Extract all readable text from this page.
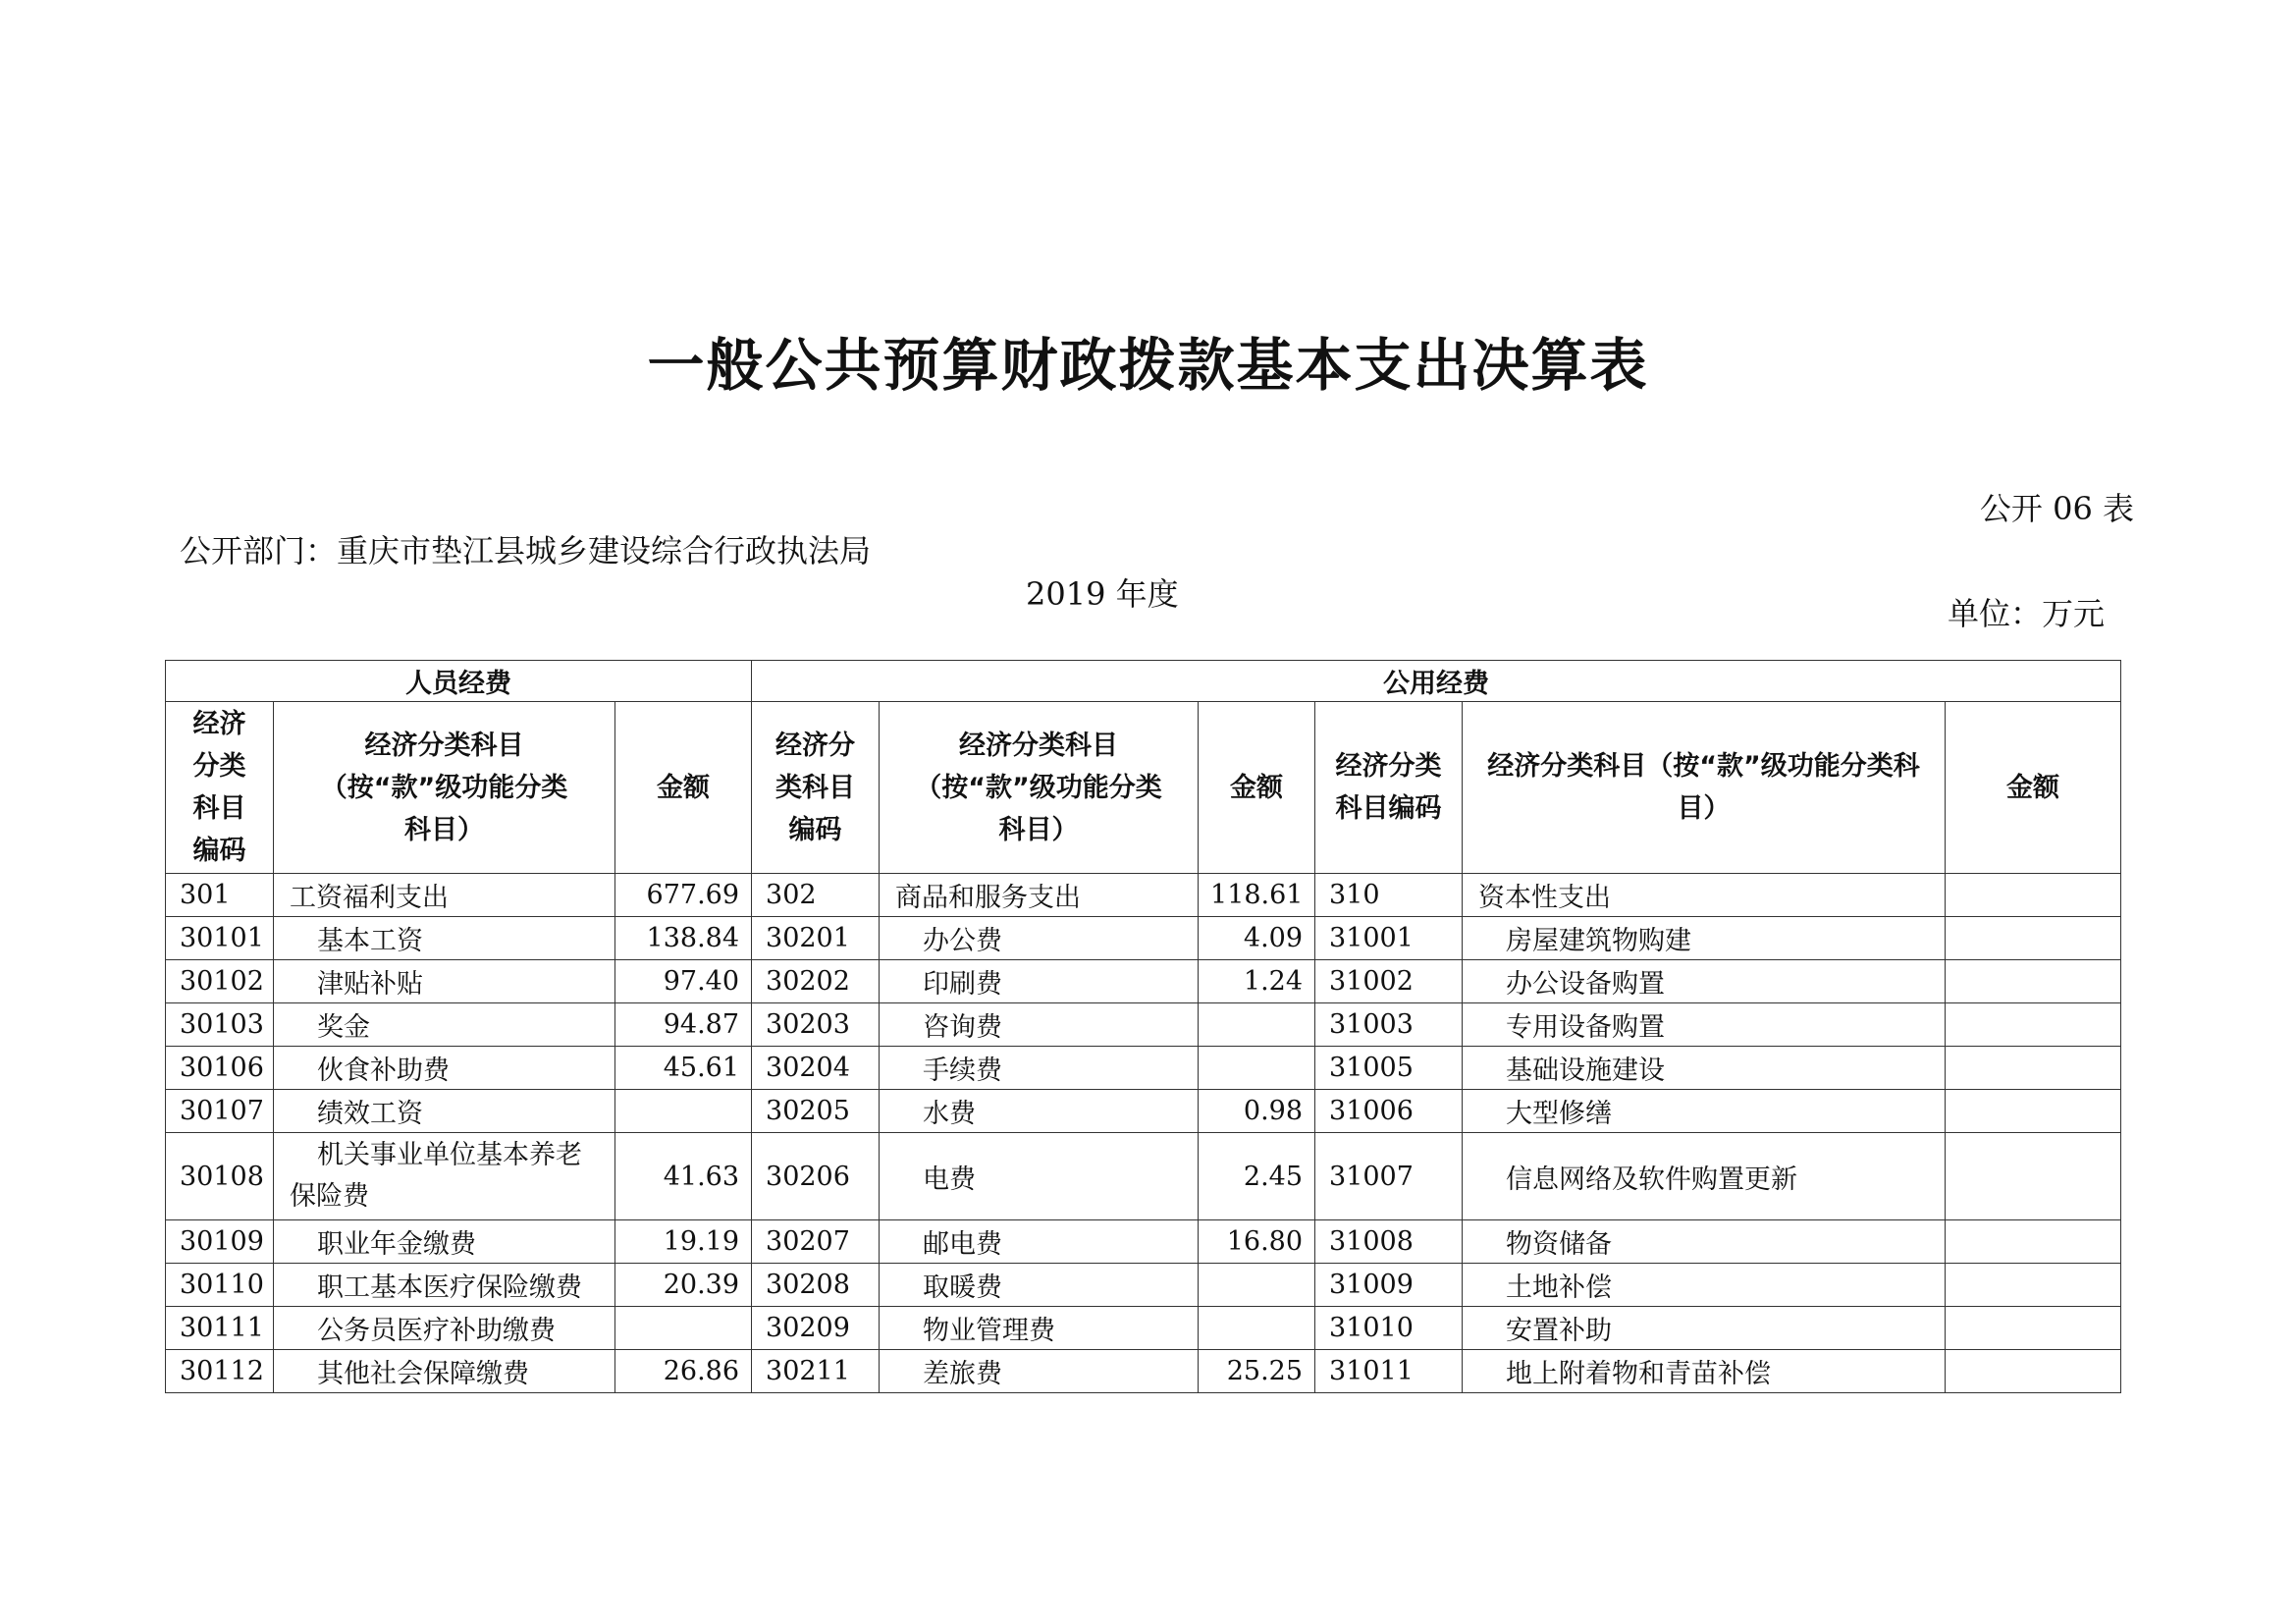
一般公共预算财政拨款基本支出决算表
公开 06 表
公开部门：重庆市垫江县城乡建设综合行政执法局
2019 年度
单位：万元
人员经费			公用经费					
经济分类科目编码	经济分类科目（按“款”级功能分类科目）	金额	经济分类科目编码	经济分类科目（按“款”级功能分类科目）	金额	经济分类科目编码	经济分类科目（按“款”级功能分类科目）	金额
301	工资福利支出	677.69	302	商品和服务支出	118.61	310	资本性支出	
30101	基本工资	138.84	30201	办公费	4.09	31001	房屋建筑物购建	
30102	津贴补贴	97.40	30202	印刷费	1.24	31002	办公设备购置	
30103	奖金	94.87	30203	咨询费		31003	专用设备购置	
30106	伙食补助费	45.61	30204	手续费		31005	基础设施建设	
30107	绩效工资		30205	水费	0.98	31006	大型修缮	
30108	机关事业单位基本养老保险费	41.63	30206	电费	2.45	31007	信息网络及软件购置更新	
30109	职业年金缴费	19.19	30207	邮电费	16.80	31008	物资储备	
30110	职工基本医疗保险缴费	20.39	30208	取暖费		31009	土地补偿	
30111	公务员医疗补助缴费		30209	物业管理费		31010	安置补助	
30112	其他社会保障缴费	26.86	30211	差旅费	25.25	31011	地上附着物和青苗补偿	
